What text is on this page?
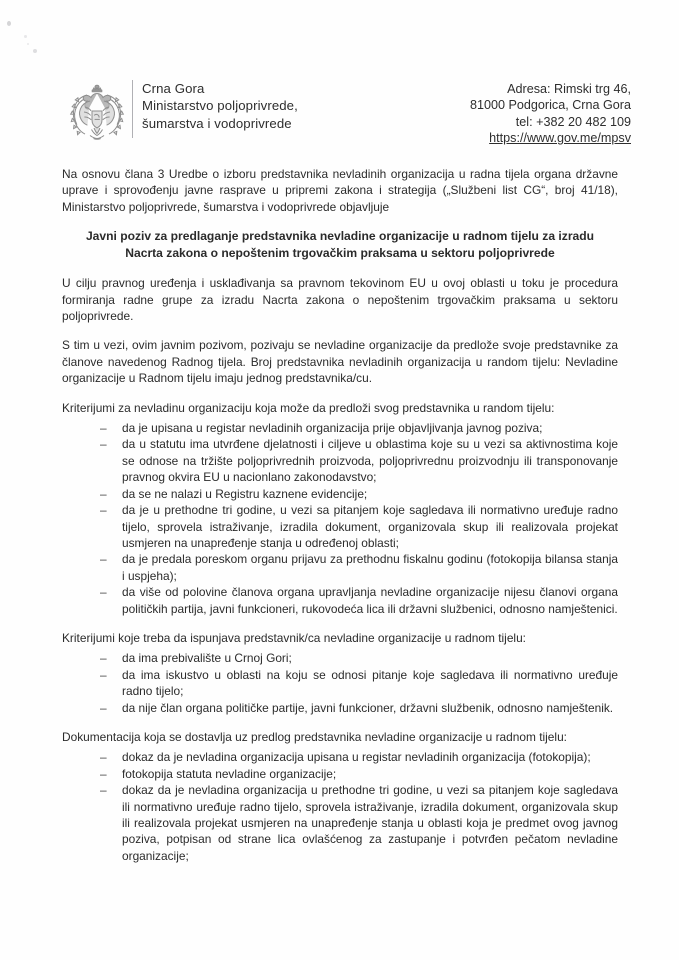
Crna Gora
Ministarstvo poljoprivrede,
šumarstva i vodoprivrede
Adresa: Rimski trg 46,
81000 Podgorica, Crna Gora
tel: +382 20 482 109
https://www.gov.me/mpsv

Na osnovu člana 3 Uredbe o izboru predstavnika nevladinih organizacija u radna tijela organa državne uprave i sprovođenju javne rasprave u pripremi zakona i strategija („Službeni list CG“, broj 41/18), Ministarstvo poljoprivrede, šumarstva i vodoprivrede objavljuje

Javni poziv za predlaganje predstavnika nevladine organizacije u radnom tijelu za izradu Nacrta zakona o nepoštenim trgovačkim praksama u sektoru poljoprivrede

U cilju pravnog uređenja i usklađivanja sa pravnom tekovinom EU u ovoj oblasti u toku je procedura formiranja radne grupe za izradu Nacrta zakona o nepoštenim trgovačkim praksama u sektoru poljoprivrede.

S tim u vezi, ovim javnim pozivom, pozivaju se nevladine organizacije da predlože svoje predstavnike za članove navedenog Radnog tijela. Broj predstavnika nevladinih organizacija u random tijelu: Nevladine organizacije u Radnom tijelu imaju jednog predstavnika/cu.

Kriterijumi za nevladinu organizaciju koja može da predloži svog predstavnika u random tijelu:

– da je upisana u registar nevladinih organizacija prije objavljivanja javnog poziva;
– da u statutu ima utvrđene djelatnosti i ciljeve u oblastima koje su u vezi sa aktivnostima koje se odnose na tržište poljoprivrednih proizvoda, poljoprivrednu proizvodnju ili transponovanje pravnog okvira EU u nacionlano zakonodavstvo;
– da se ne nalazi u Registru kaznene evidencije;
– da je u prethodne tri godine, u vezi sa pitanjem koje sagledava ili normativno uređuje radno tijelo, sprovela istraživanje, izradila dokument, organizovala skup ili realizovala projekat usmjeren na unapređenje stanja u određenoj oblasti;
– da je predala poreskom organu prijavu za prethodnu fiskalnu godinu (fotokopija bilansa stanja i uspjeha);
– da više od polovine članova organa upravljanja nevladine organizacije nijesu članovi organa političkih partija, javni funkcioneri, rukovodeća lica ili državni službenici, odnosno namještenici.

Kriterijumi koje treba da ispunjava predstavnik/ca nevladine organizacije u radnom tijelu:

– da ima prebivalište u Crnoj Gori;
– da ima iskustvo u oblasti na koju se odnosi pitanje koje sagledava ili normativno uređuje radno tijelo;
– da nije član organa političke partije, javni funkcioner, državni službenik, odnosno namještenik.

Dokumentacija koja se dostavlja uz predlog predstavnika nevladine organizacije u radnom tijelu:

– dokaz da je nevladina organizacija upisana u registar nevladinih organizacija (fotokopija);
– fotokopija statuta nevladine organizacije;
– dokaz da je nevladina organizacija u prethodne tri godine, u vezi sa pitanjem koje sagledava ili normativno uređuje radno tijelo, sprovela istraživanje, izradila dokument, organizovala skup ili realizovala projekat usmjeren na unapređenje stanja u oblasti koja je predmet ovog javnog poziva, potpisan od strane lica ovlašćenog za zastupanje i potvrđen pečatom nevladine organizacije;
